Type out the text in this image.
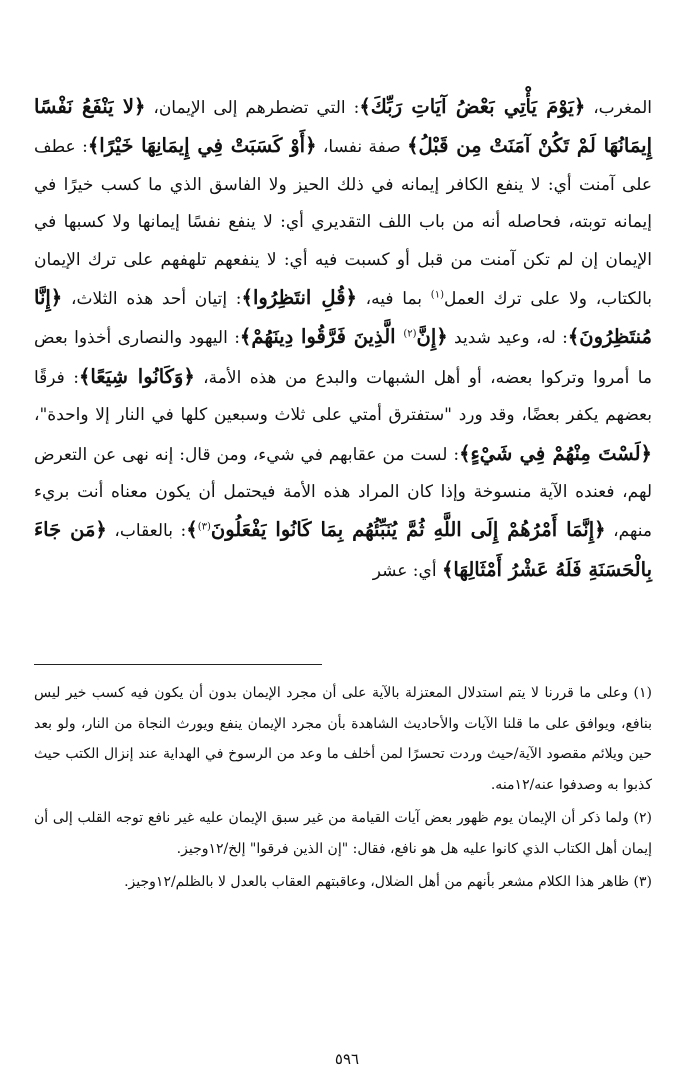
المغرب، ﴿يَوْمَ يَأْتِي بَعْضُ آيَاتِ رَبِّكَ﴾: التي تضطرهم إلى الإيمان، ﴿لا يَنْفَعُ نَفْسًا إِيمَانُهَا لَمْ تَكُنْ آمَنَتْ مِن قَبْلُ﴾ صفة نفسا، ﴿أَوْ كَسَبَتْ فِي إِيمَانِهَا خَيْرًا﴾: عطف على آمنت أي: لا ينفع الكافر إيمانه في ذلك الحيز ولا الفاسق الذي ما كسب خيرًا في إيمانه توبته، فحاصله أنه من باب اللف التقديري أي: لا ينفع نفسًا إيمانها ولا كسبها في الإيمان إن لم تكن آمنت من قبل أو كسبت فيه أي: لا ينفعهم تلهفهم على ترك الإيمان بالكتاب، ولا على ترك العمل$^{(١)}$ بما فيه، ﴿قُلِ انتَظِرُوا﴾: إتيان أحد هذه الثلاث، ﴿إِنَّا مُنتَظِرُونَ﴾: له، وعيد شديد ﴿إِنَّ$^{(٢)}$ الَّذِينَ فَرَّقُوا دِينَهُمْ﴾: اليهود والنصارى أخذوا بعض ما أمروا وتركوا بعضه، أو أهل الشبهات والبدع من هذه الأمة، ﴿وَكَانُوا شِيَعًا﴾: فرقًا بعضهم يكفر بعضًا، وقد ورد "ستفترق أمتي على ثلاث وسبعين كلها في النار إلا واحدة"، ﴿لَسْتَ مِنْهُمْ فِي شَيْءٍ﴾: لست من عقابهم في شيء، ومن قال: إنه نهى عن التعرض لهم، فعنده الآية منسوخة وإذا كان المراد هذه الأمة فيحتمل أن يكون معناه أنت بريء منهم، ﴿إِنَّمَا أَمْرُهُمْ إِلَى اللَّهِ ثُمَّ يُنَبِّئُهُم بِمَا كَانُوا يَفْعَلُونَ$^{(٣)}$﴾: بالعقاب، ﴿مَن جَاءَ بِالْحَسَنَةِ فَلَهُ عَشْرُ أَمْثَالِهَا﴾ أي: عشر

(١) وعلى ما قررنا لا يتم استدلال المعتزلة بالآية على أن مجرد الإيمان بدون أن يكون فيه كسب خير ليس بنافع، ويوافق على ما قلنا الآيات والأحاديث الشاهدة بأن مجرد الإيمان ينفع ويورث النجاة من النار، ولو بعد حين ويلائم مقصود الآية/حيث وردت تحسرًا لمن أخلف ما وعد من الرسوخ في الهداية عند إنزال الكتب حيث كذبوا به وصدفوا عنه/١٢منه.

(٢) ولما ذكر أن الإيمان يوم ظهور بعض آيات القيامة من غير سبق الإيمان عليه غير نافع توجه القلب إلى أن إيمان أهل الكتاب الذي كانوا عليه هل هو نافع، فقال: "إن الذين فرقوا" إلخ/١٢وجيز.

(٣) ظاهر هذا الكلام مشعر بأنهم من أهل الضلال، وعاقبتهم العقاب بالعدل لا بالظلم/١٢وجيز.

٥٩٦
